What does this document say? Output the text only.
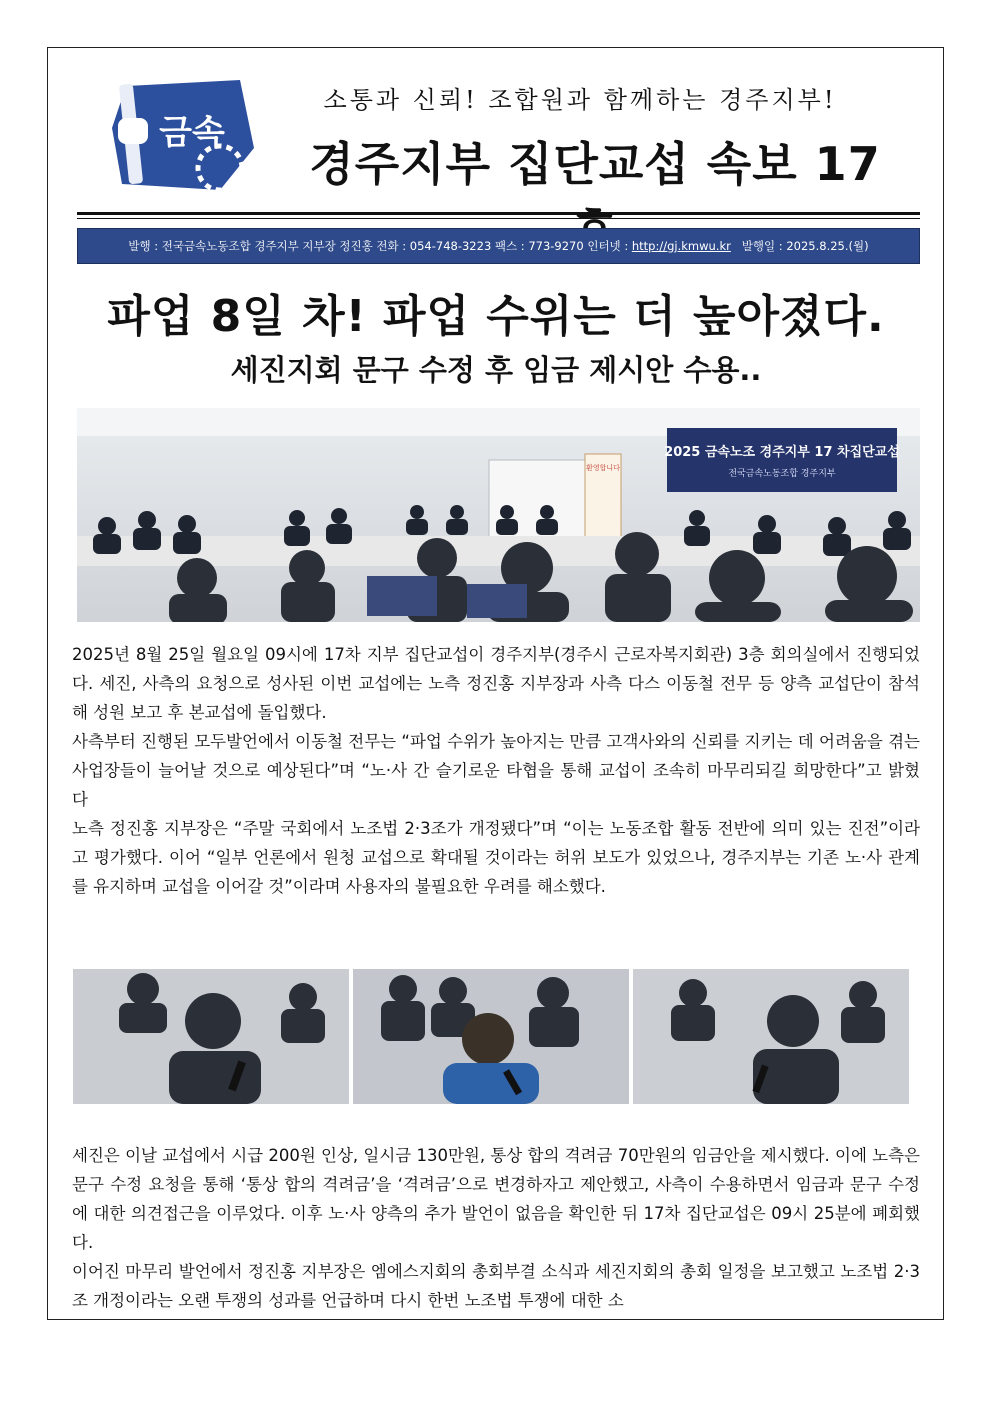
금속
소통과 신뢰! 조합원과 함께하는 경주지부!
경주지부 집단교섭 속보 17
발행 : 전국금속노동조합 경주지부 지부장 정진홍 전화 : 054-748-3223 팩스 : 773-9270 인터넷 : http://gj.kmwu.kr 발행일 : 2025.8.25.(월)
파업 8일 차! 파업 수위는 더 높아졌다.
세진지회 문구 수정 후 임금 제시안 수용..
2025 금속노조 경주지부 17 차집단교섭
전국금속노동조합 경주지부
환영합니다
2025년 8월 25일 월요일 09시에 17차 지부 집단교섭이 경주지부(경주시 근로자복지회관) 3층 회의실에서 진행되었다. 세진, 사측의 요청으로 성사된 이번 교섭에는 노측 정진홍 지부장과 사측 다스 이동철 전무 등 양측 교섭단이 참석해 성원 보고 후 본교섭에 돌입했다.
사측부터 진행된 모두발언에서 이동철 전무는 “파업 수위가 높아지는 만큼 고객사와의 신뢰를 지키는 데 어려움을 겪는 사업장들이 늘어날 것으로 예상된다”며 “노·사 간 슬기로운 타협을 통해 교섭이 조속히 마무리되길 희망한다”고 밝혔다
노측 정진홍 지부장은 “주말 국회에서 노조법 2·3조가 개정됐다”며 “이는 노동조합 활동 전반에 의미 있는 진전”이라고 평가했다. 이어 “일부 언론에서 원청 교섭으로 확대될 것이라는 허위 보도가 있었으나, 경주지부는 기존 노·사 관계를 유지하며 교섭을 이어갈 것”이라며 사용자의 불필요한 우려를 해소했다.
세진은 이날 교섭에서 시급 200원 인상, 일시금 130만원, 통상 합의 격려금 70만원의 임금안을 제시했다. 이에 노측은 문구 수정 요청을 통해 ‘통상 합의 격려금’을 ‘격려금’으로 변경하자고 제안했고, 사측이 수용하면서 임금과 문구 수정에 대한 의견접근을 이루었다. 이후 노·사 양측의 추가 발언이 없음을 확인한 뒤 17차 집단교섭은 09시 25분에 폐회했다.
이어진 마무리 발언에서 정진홍 지부장은 엠에스지회의 총회부결 소식과 세진지회의 총회 일정을 보고했고 노조법 2·3조 개정이라는 오랜 투쟁의 성과를 언급하며 다시 한번 노조법 투쟁에 대한 소
